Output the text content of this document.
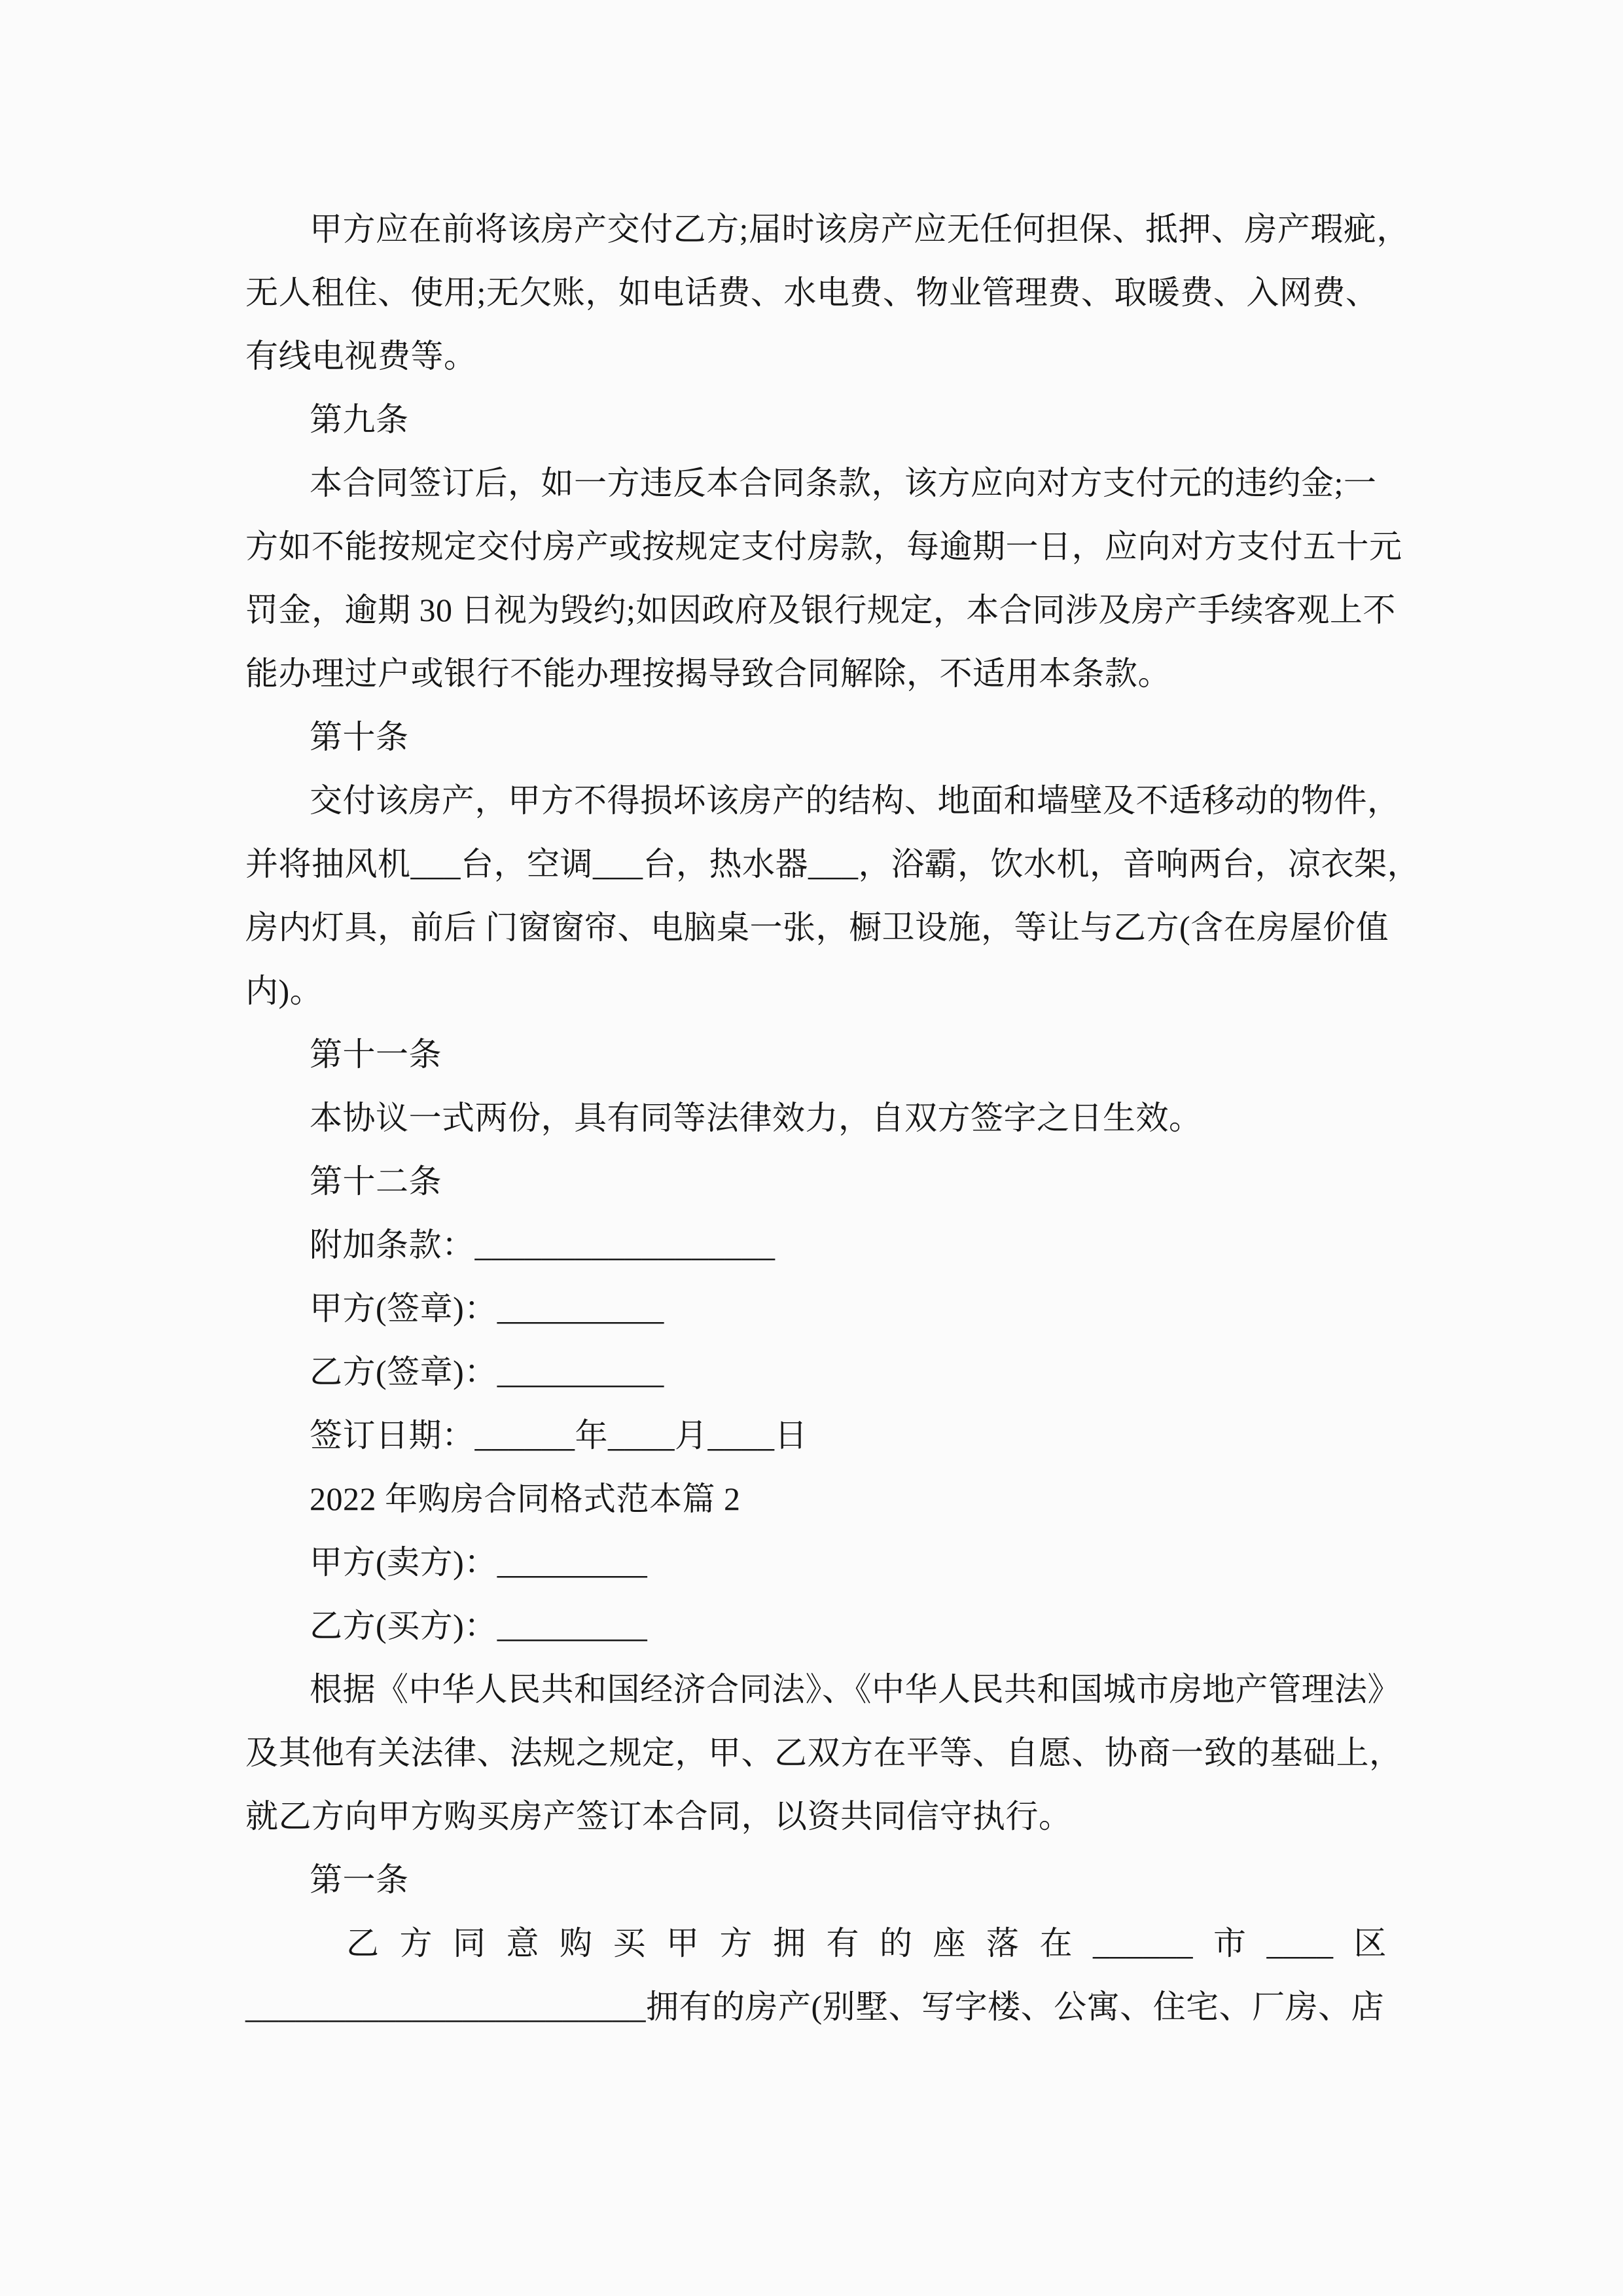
甲方应在前将该房产交付乙方;届时该房产应无任何担保、抵押、房产瑕疵，

无人租住、使用;无欠账，如电话费、水电费、物业管理费、取暖费、入网费、

有线电视费等。

第九条

本合同签订后，如一方违反本合同条款，该方应向对方支付元的违约金;一

方如不能按规定交付房产或按规定支付房款，每逾期一日，应向对方支付五十元

罚金，逾期 30 日视为毁约;如因政府及银行规定，本合同涉及房产手续客观上不

能办理过户或银行不能办理按揭导致合同解除，不适用本条款。

第十条

交付该房产，甲方不得损坏该房产的结构、地面和墙壁及不适移动的物件，

并将抽风机___台，空调___台，热水器___，浴霸，饮水机，音响两台，凉衣架，

房内灯具，前后 门窗窗帘、电脑桌一张，橱卫设施，等让与乙方(含在房屋价值

内)。

第十一条

本协议一式两份，具有同等法律效力，自双方签字之日生效。

第十二条

附加条款：__________________

甲方(签章)：__________

乙方(签章)：__________

签订日期：______年____月____日

2022 年购房合同格式范本篇 2

甲方(卖方)：_________

乙方(买方)：_________

根据《中华人民共和国经济合同法》、《中华人民共和国城市房地产管理法》

及其他有关法律、法规之规定，甲、乙双方在平等、自愿、协商一致的基础上，

就乙方向甲方购买房产签订本合同，以资共同信守执行。

第一条

乙 方 同 意 购 买 甲 方 拥 有 的 座 落 在 ______ 市 ____ 区

________________________拥有的房产(别墅、写字楼、公寓、住宅、厂房、店
